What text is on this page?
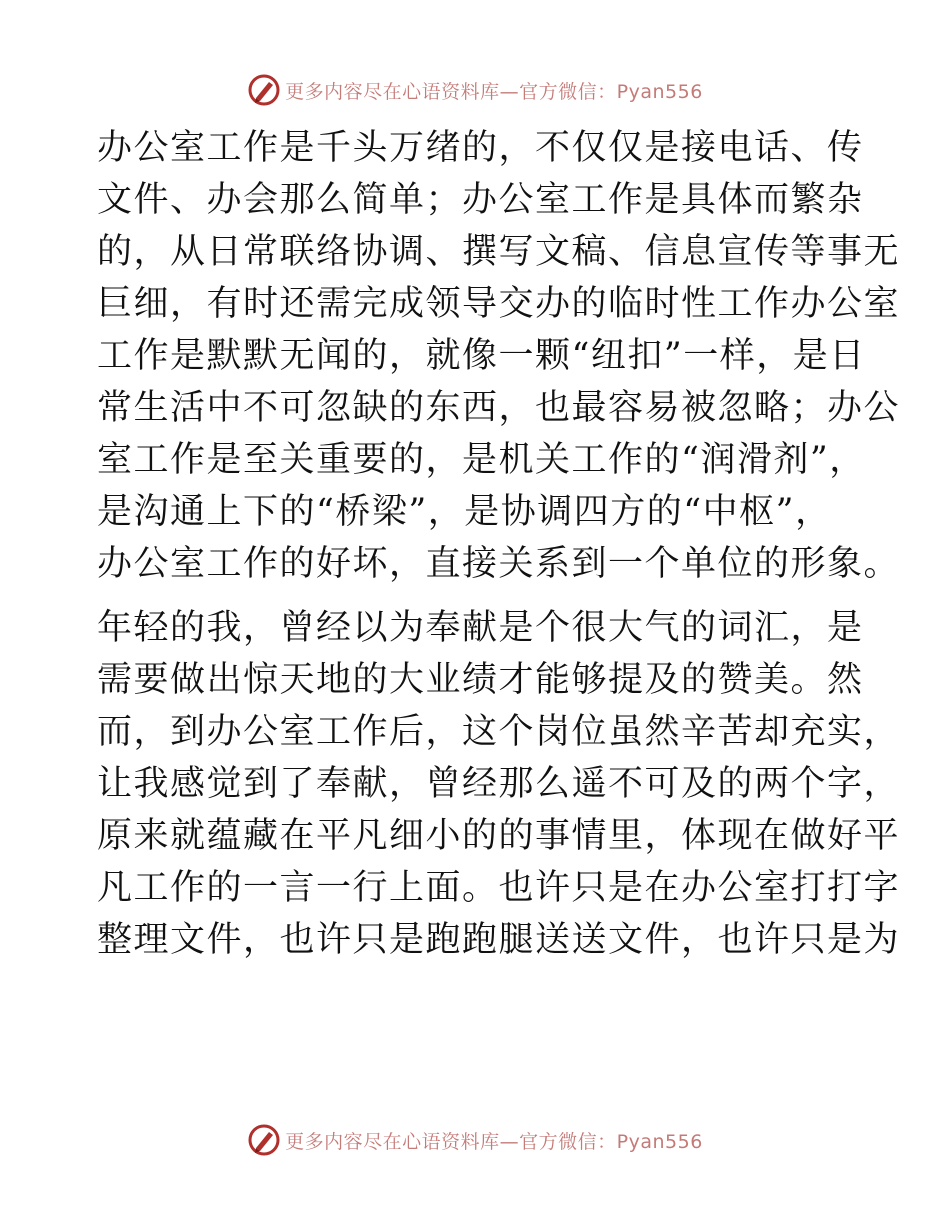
更多内容尽在心语资料库—官方微信：Pyan556
办公室工作是千头万绪的，不仅仅是接电话、传
文件、办会那么简单；办公室工作是具体而繁杂
的，从日常联络协调、撰写文稿、信息宣传等事无
巨细，有时还需完成领导交办的临时性工作办公室
工作是默默无闻的，就像一颗“纽扣”一样，是日
常生活中不可忽缺的东西，也最容易被忽略；办公
室工作是至关重要的，是机关工作的“润滑剂”，
是沟通上下的“桥梁”，是协调四方的“中枢”，
办公室工作的好坏，直接关系到一个单位的形象。
年轻的我，曾经以为奉献是个很大气的词汇，是
需要做出惊天地的大业绩才能够提及的赞美。然
而，到办公室工作后，这个岗位虽然辛苦却充实，
让我感觉到了奉献，曾经那么遥不可及的两个字，
原来就蕴藏在平凡细小的的事情里，体现在做好平
凡工作的一言一行上面。也许只是在办公室打打字
整理文件，也许只是跑跑腿送送文件，也许只是为
更多内容尽在心语资料库—官方微信：Pyan556
